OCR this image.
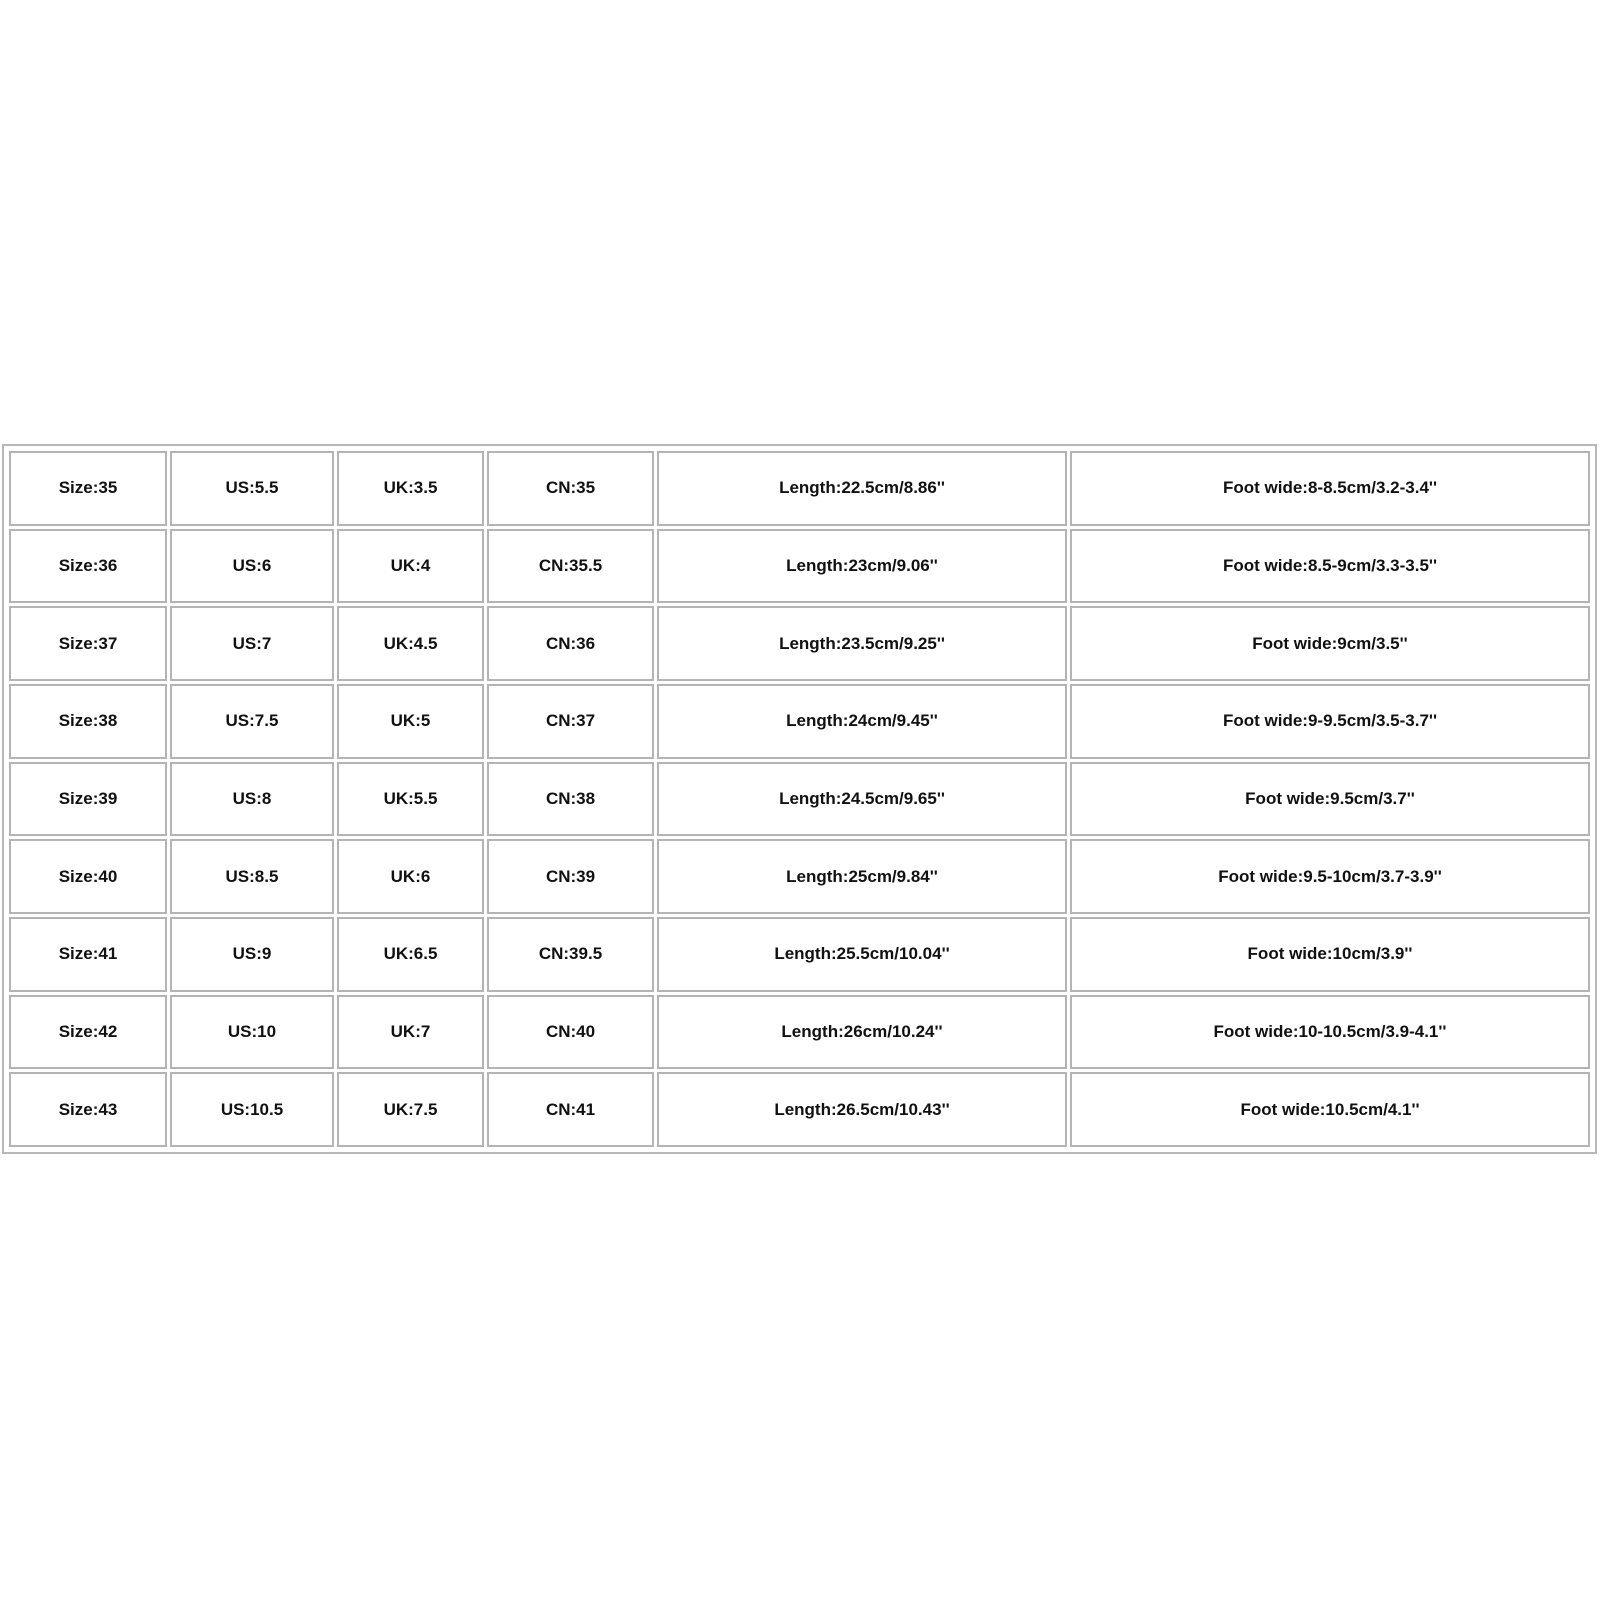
Size:35	US:5.5	UK:3.5	CN:35	Length:22.5cm/8.86''	Foot wide:8-8.5cm/3.2-3.4''
Size:36	US:6	UK:4	CN:35.5	Length:23cm/9.06''	Foot wide:8.5-9cm/3.3-3.5''
Size:37	US:7	UK:4.5	CN:36	Length:23.5cm/9.25''	Foot wide:9cm/3.5''
Size:38	US:7.5	UK:5	CN:37	Length:24cm/9.45''	Foot wide:9-9.5cm/3.5-3.7''
Size:39	US:8	UK:5.5	CN:38	Length:24.5cm/9.65''	Foot wide:9.5cm/3.7''
Size:40	US:8.5	UK:6	CN:39	Length:25cm/9.84''	Foot wide:9.5-10cm/3.7-3.9''
Size:41	US:9	UK:6.5	CN:39.5	Length:25.5cm/10.04''	Foot wide:10cm/3.9''
Size:42	US:10	UK:7	CN:40	Length:26cm/10.24''	Foot wide:10-10.5cm/3.9-4.1''
Size:43	US:10.5	UK:7.5	CN:41	Length:26.5cm/10.43''	Foot wide:10.5cm/4.1''
